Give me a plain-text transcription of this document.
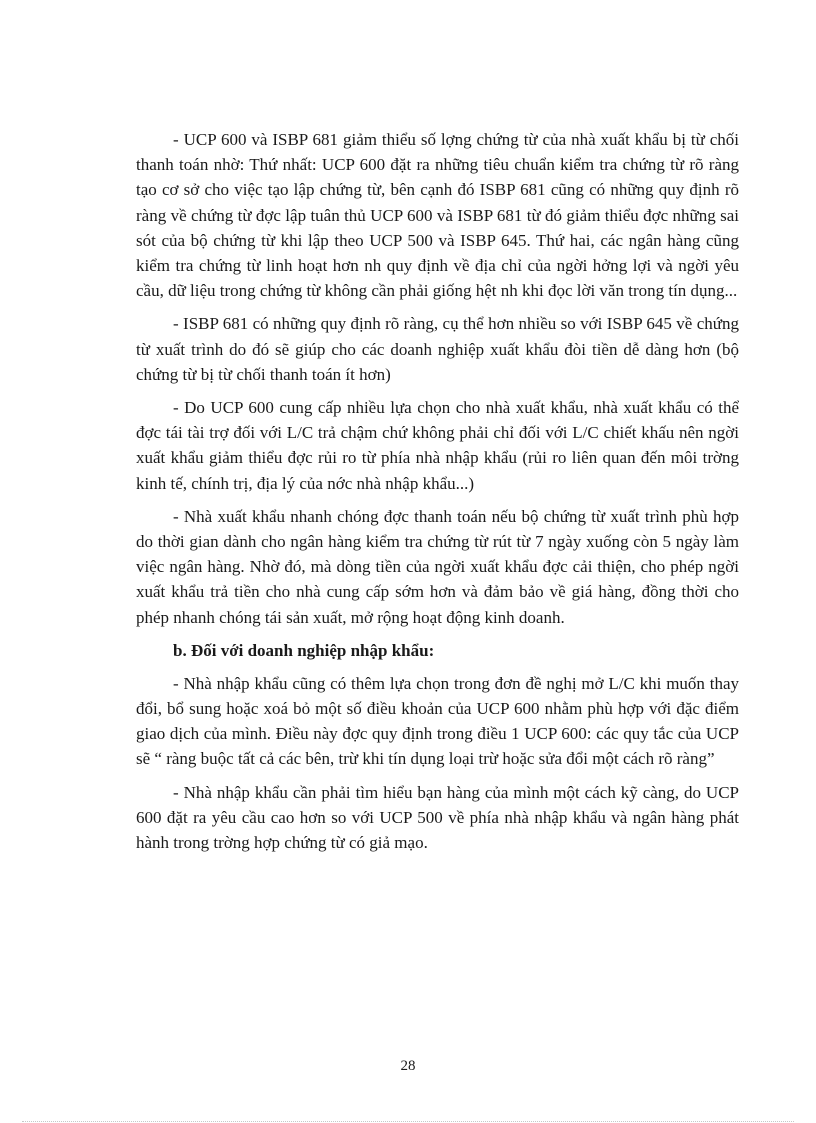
- UCP 600 và ISBP 681 giảm thiểu số lợng chứng từ của nhà xuất khẩu bị từ chối thanh toán nhờ: Thứ nhất: UCP 600 đặt ra những tiêu chuẩn kiểm tra chứng từ rõ ràng tạo cơ sở cho việc tạo lập chứng từ, bên cạnh đó ISBP 681 cũng có những quy định rõ ràng về chứng từ đợc lập tuân thủ UCP 600 và ISBP 681 từ đó giảm thiểu đợc những sai sót của bộ chứng từ khi lập theo UCP 500 và ISBP 645. Thứ hai, các ngân hàng cũng kiểm tra chứng từ linh hoạt hơn nh quy định về địa chỉ của ngời hởng lợi và ngời yêu cầu, dữ liệu trong chứng từ không cần phải giống hệt nh khi đọc lời văn trong tín dụng...

- ISBP 681 có những quy định rõ ràng, cụ thể hơn nhiều so với ISBP 645 về chứng từ xuất trình do đó sẽ giúp cho các doanh nghiệp xuất khẩu đòi tiền dễ dàng hơn (bộ chứng từ bị từ chối thanh toán ít hơn)

- Do UCP 600 cung cấp nhiều lựa chọn cho nhà xuất khẩu, nhà xuất khẩu có thể đợc tái tài trợ đối với L/C trả chậm chứ không phải chỉ đối với L/C chiết khấu nên ngời xuất khẩu giảm thiểu đợc rủi ro từ phía nhà nhập khẩu (rủi ro liên quan đến môi trờng kinh tế, chính trị, địa lý của nớc nhà nhập khẩu...)

- Nhà xuất khẩu nhanh chóng đợc thanh toán nếu bộ chứng từ xuất trình phù hợp do thời gian dành cho ngân hàng kiểm tra chứng từ rút từ 7 ngày xuống còn 5 ngày làm việc ngân hàng. Nhờ đó, mà dòng tiền của ngời xuất khẩu đợc cải thiện, cho phép ngời xuất khẩu trả tiền cho nhà cung cấp sớm hơn và đảm bảo về giá hàng, đồng thời cho phép nhanh chóng tái sản xuất, mở rộng hoạt động kinh doanh.

b. Đối với doanh nghiệp nhập khẩu:

- Nhà nhập khẩu cũng có thêm lựa chọn trong đơn đề nghị mở L/C khi muốn thay đổi, bổ sung hoặc xoá bỏ một số điều khoản của UCP 600 nhằm phù hợp với đặc điểm giao dịch của mình. Điều này đợc quy định trong điều 1 UCP 600: các quy tắc của UCP sẽ “ ràng buộc tất cả các bên, trừ khi tín dụng loại trừ hoặc sửa đổi một cách rõ ràng”

- Nhà nhập khẩu cần phải tìm hiểu bạn hàng của mình một cách kỹ càng, do UCP 600 đặt ra yêu cầu cao hơn so với UCP 500 về phía nhà nhập khẩu và ngân hàng phát hành trong trờng hợp chứng từ có giả mạo.

28
